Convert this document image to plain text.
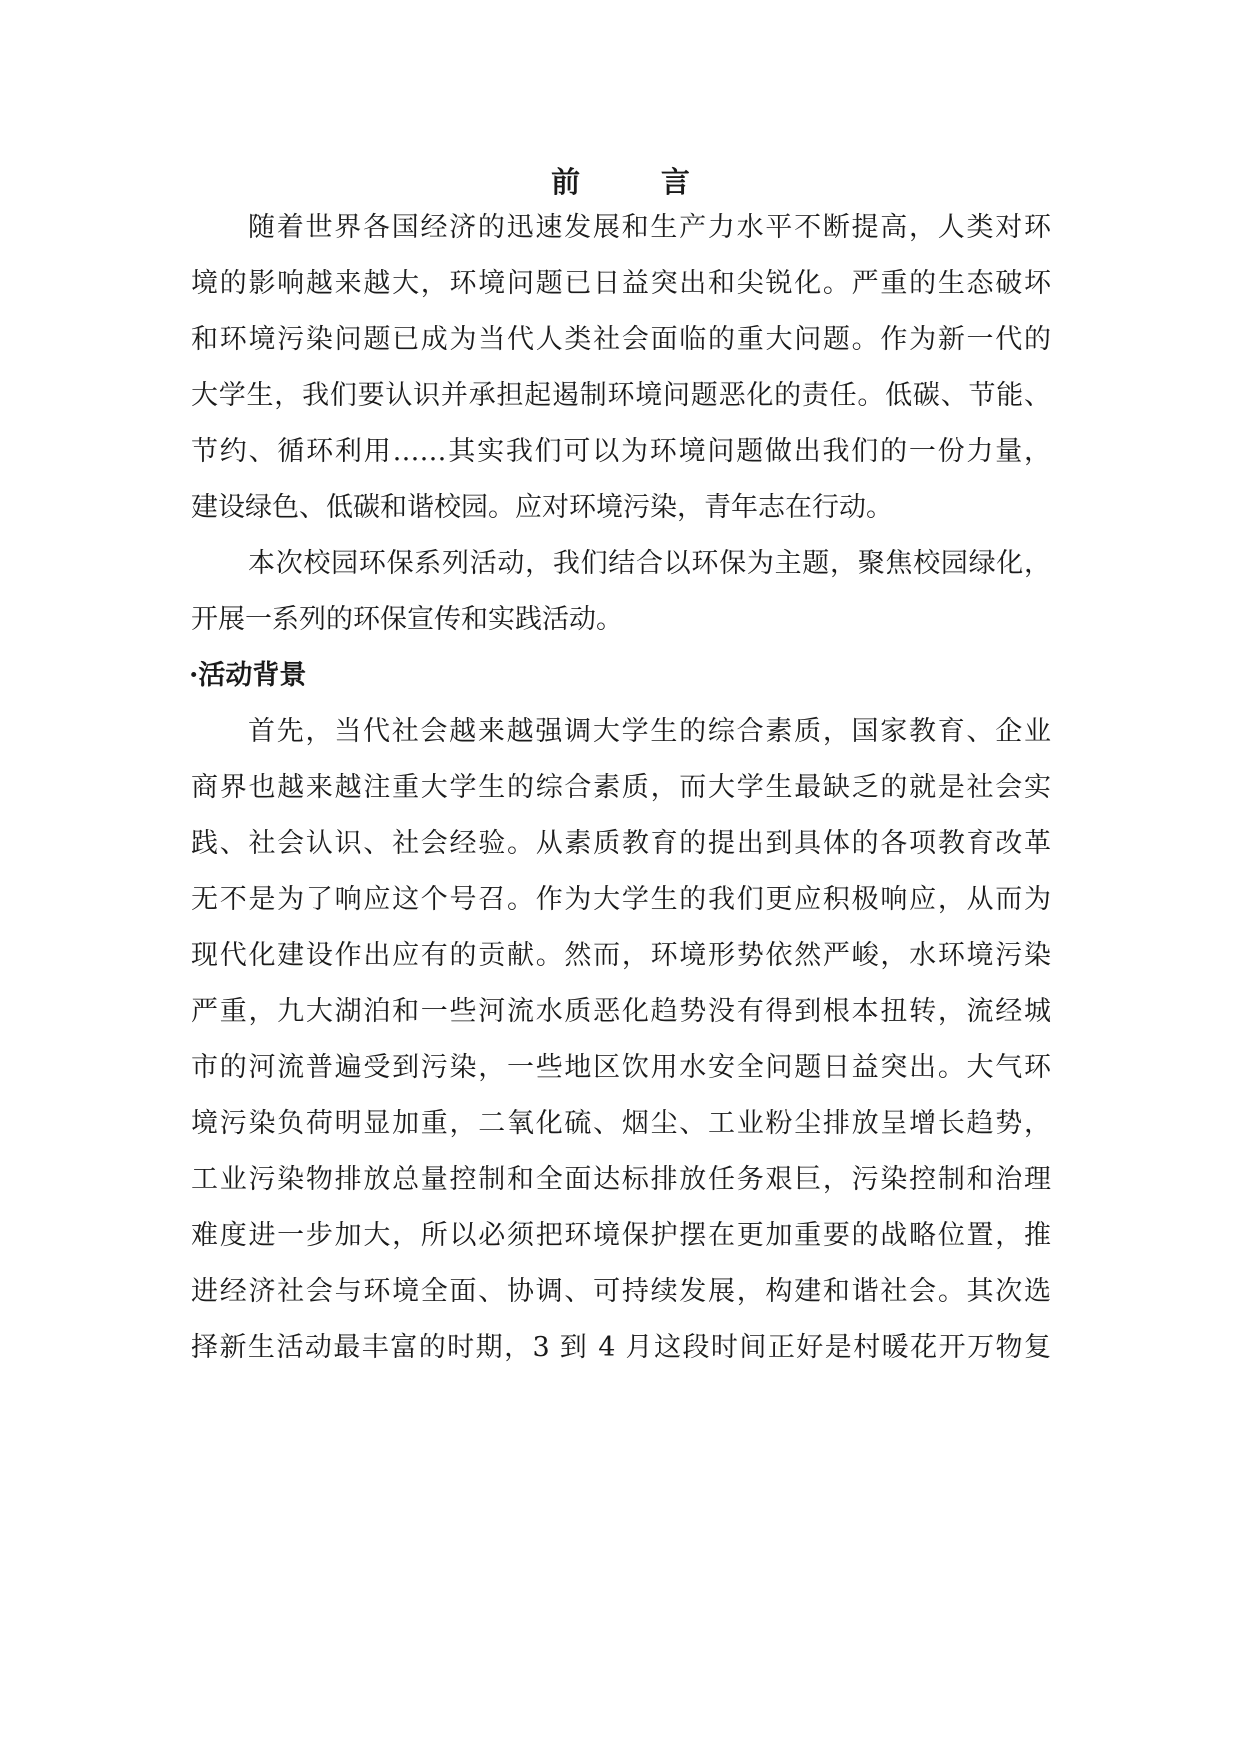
前        言
随着世界各国经济的迅速发展和生产力水平不断提高，人类对环
境的影响越来越大，环境问题已日益突出和尖锐化。严重的生态破坏
和环境污染问题已成为当代人类社会面临的重大问题。作为新一代的
大学生，我们要认识并承担起遏制环境问题恶化的责任。低碳、节能、
节约、循环利用……其实我们可以为环境问题做出我们的一份力量，
建设绿色、低碳和谐校园。应对环境污染，青年志在行动。
本次校园环保系列活动，我们结合以环保为主题，聚焦校园绿化，
开展一系列的环保宣传和实践活动。
·活动背景
首先，当代社会越来越强调大学生的综合素质，国家教育、企业
商界也越来越注重大学生的综合素质，而大学生最缺乏的就是社会实
践、社会认识、社会经验。从素质教育的提出到具体的各项教育改革
无不是为了响应这个号召。作为大学生的我们更应积极响应，从而为
现代化建设作出应有的贡献。然而，环境形势依然严峻，水环境污染
严重，九大湖泊和一些河流水质恶化趋势没有得到根本扭转，流经城
市的河流普遍受到污染，一些地区饮用水安全问题日益突出。大气环
境污染负荷明显加重，二氧化硫、烟尘、工业粉尘排放呈增长趋势，
工业污染物排放总量控制和全面达标排放任务艰巨，污染控制和治理
难度进一步加大，所以必须把环境保护摆在更加重要的战略位置，推
进经济社会与环境全面、协调、可持续发展，构建和谐社会。其次选
择新生活动最丰富的时期，3 到 4 月这段时间正好是村暖花开万物复
